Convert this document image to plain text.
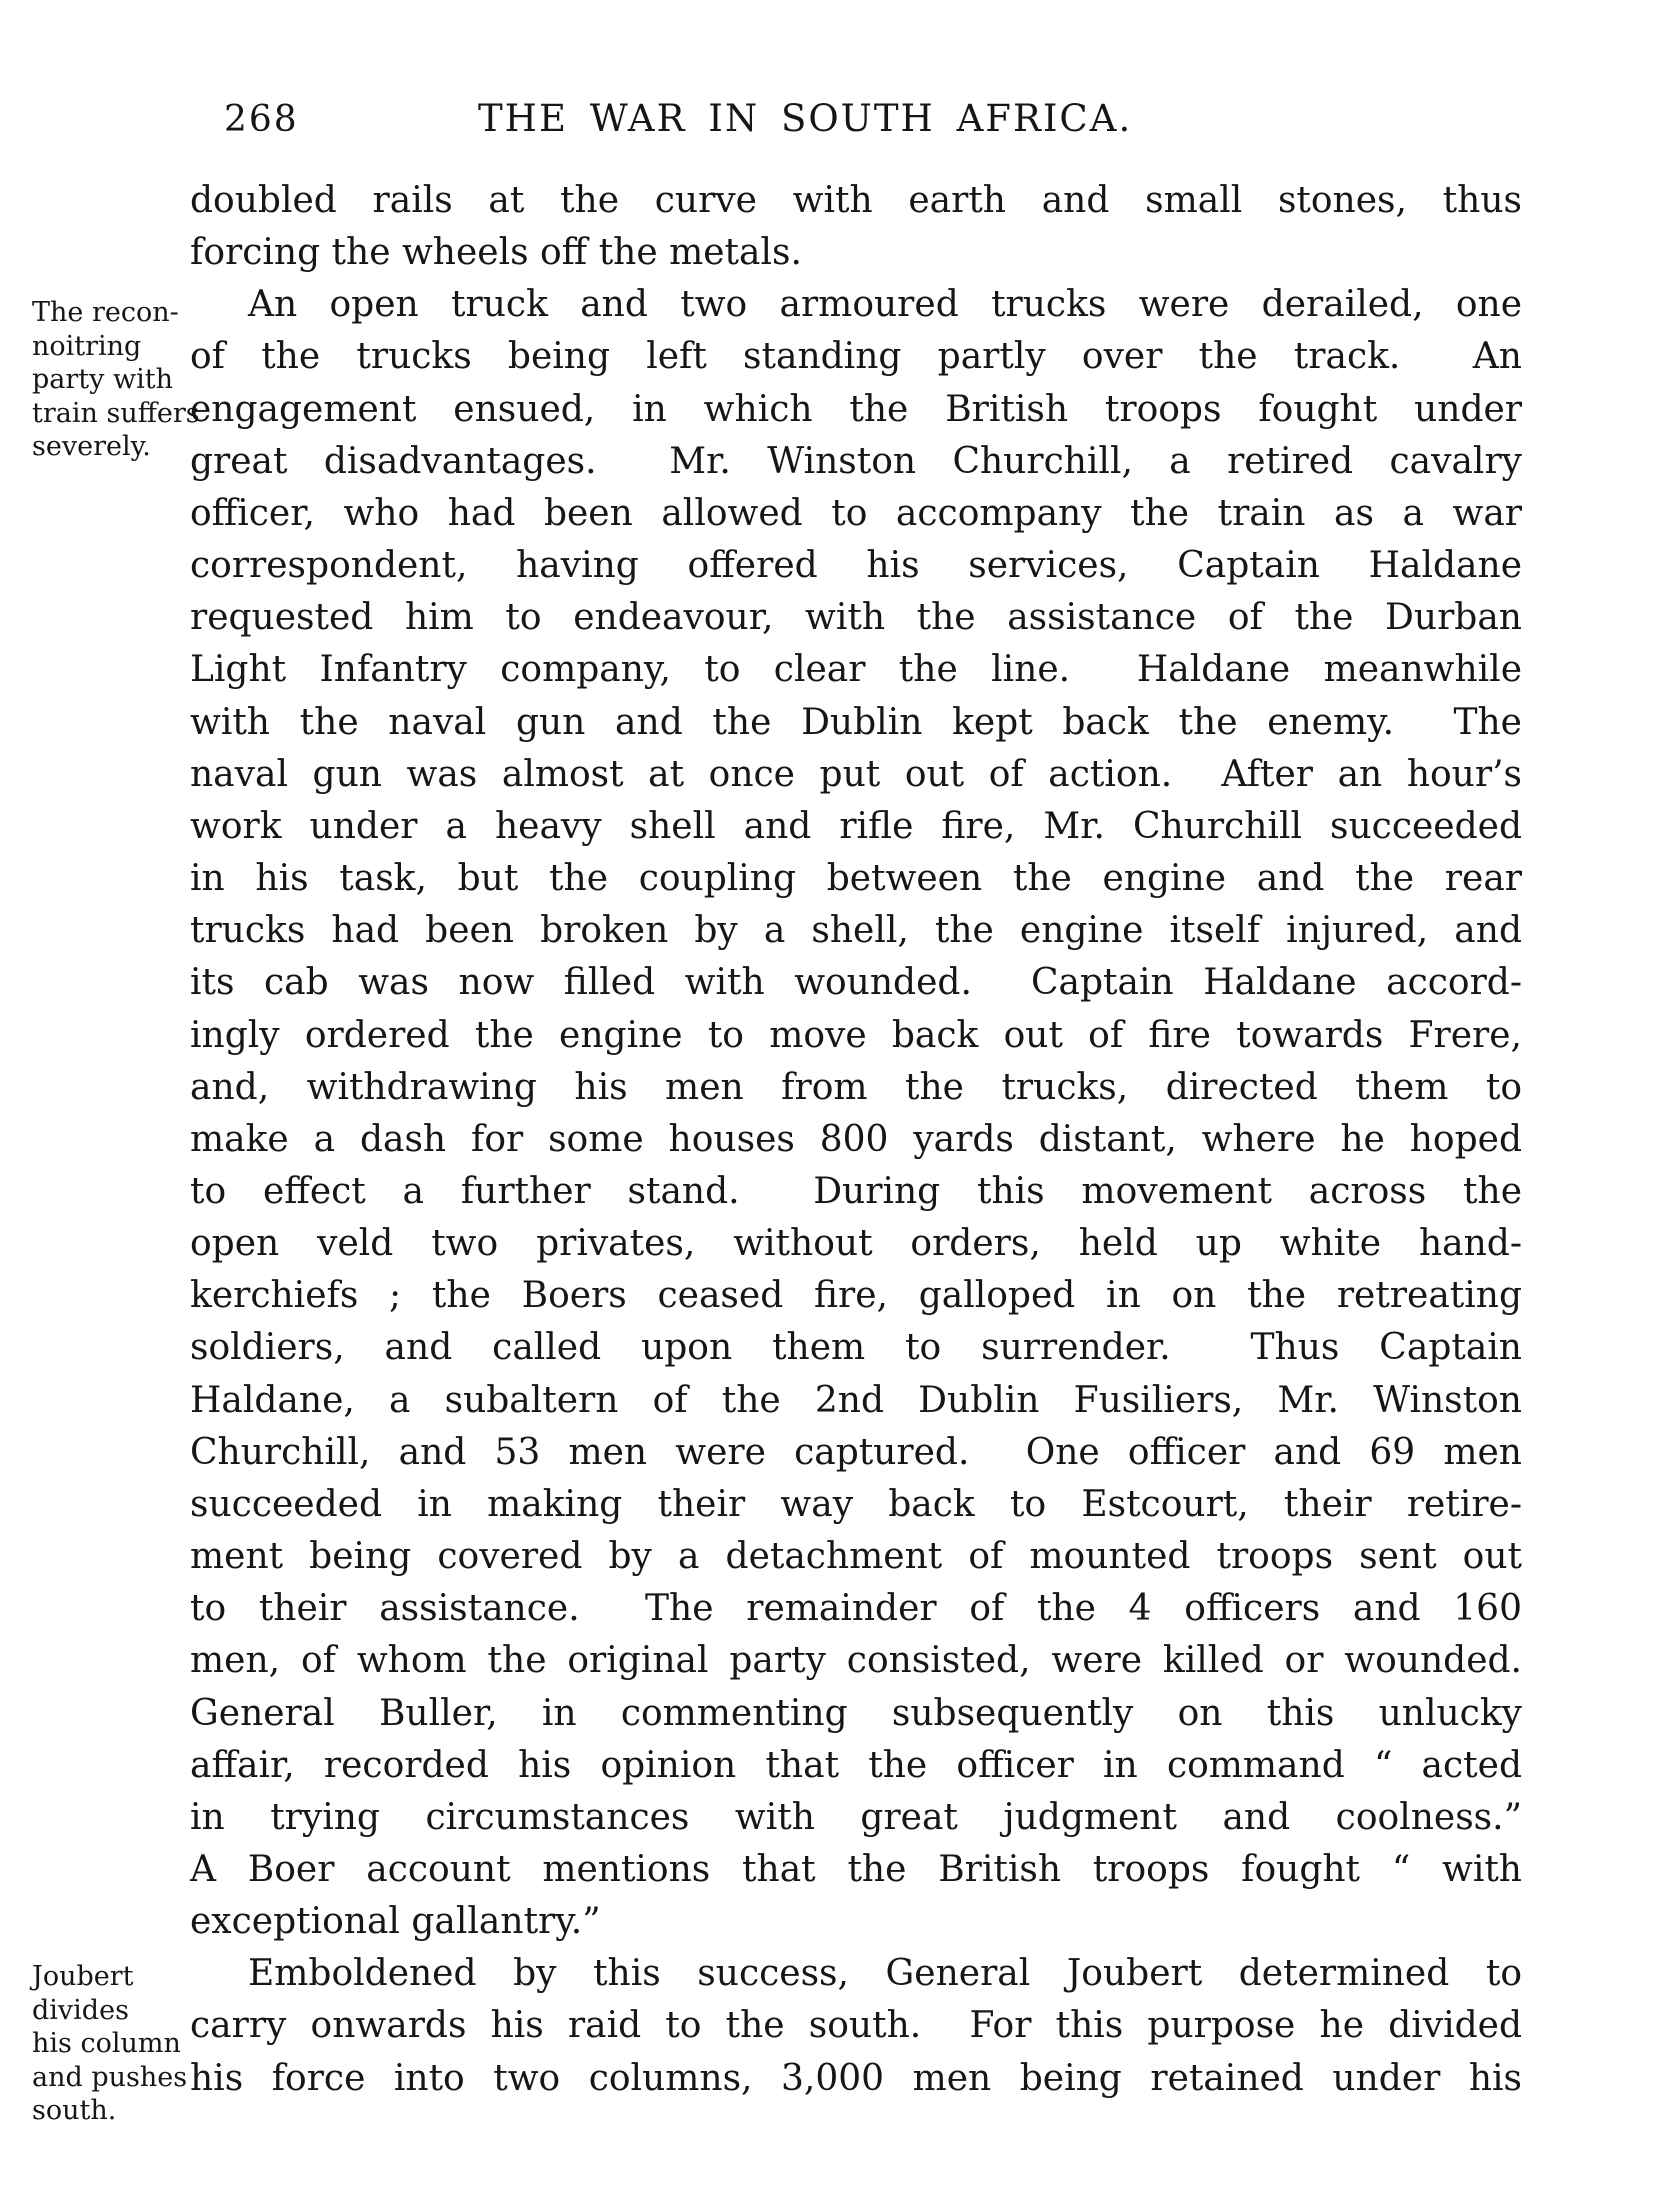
268	THE WAR IN SOUTH AFRICA.
The recon-
noitring
party with
train suffers
severely.
Joubert
divides
his column
and pushes
south.
doubled rails at the curve with earth and small stones, thus
forcing the wheels off the metals.
An open truck and two armoured trucks were derailed, one
of the trucks being left standing partly over the track.  An
engagement ensued, in which the British troops fought under
great disadvantages.  Mr. Winston Churchill, a retired cavalry
officer, who had been allowed to accompany the train as a war
correspondent, having offered his services, Captain Haldane
requested him to endeavour, with the assistance of the Durban
Light Infantry company, to clear the line.  Haldane meanwhile
with the naval gun and the Dublin kept back the enemy.  The
naval gun was almost at once put out of action.  After an hour’s
work under a heavy shell and rifle fire, Mr. Churchill succeeded
in his task, but the coupling between the engine and the rear
trucks had been broken by a shell, the engine itself injured, and
its cab was now filled with wounded.  Captain Haldane accord-
ingly ordered the engine to move back out of fire towards Frere,
and, withdrawing his men from the trucks, directed them to
make a dash for some houses 800 yards distant, where he hoped
to effect a further stand.  During this movement across the
open veld two privates, without orders, held up white hand-
kerchiefs ; the Boers ceased fire, galloped in on the retreating
soldiers, and called upon them to surrender.  Thus Captain
Haldane, a subaltern of the 2nd Dublin Fusiliers, Mr. Winston
Churchill, and 53 men were captured.  One officer and 69 men
succeeded in making their way back to Estcourt, their retire-
ment being covered by a detachment of mounted troops sent out
to their assistance.  The remainder of the 4 officers and 160
men, of whom the original party consisted, were killed or wounded.
General Buller, in commenting subsequently on this unlucky
affair, recorded his opinion that the officer in command “ acted
in trying circumstances with great judgment and coolness.”
A Boer account mentions that the British troops fought “ with
exceptional gallantry.”
Emboldened by this success, General Joubert determined to
carry onwards his raid to the south.  For this purpose he divided
his force into two columns, 3,000 men being retained under his
